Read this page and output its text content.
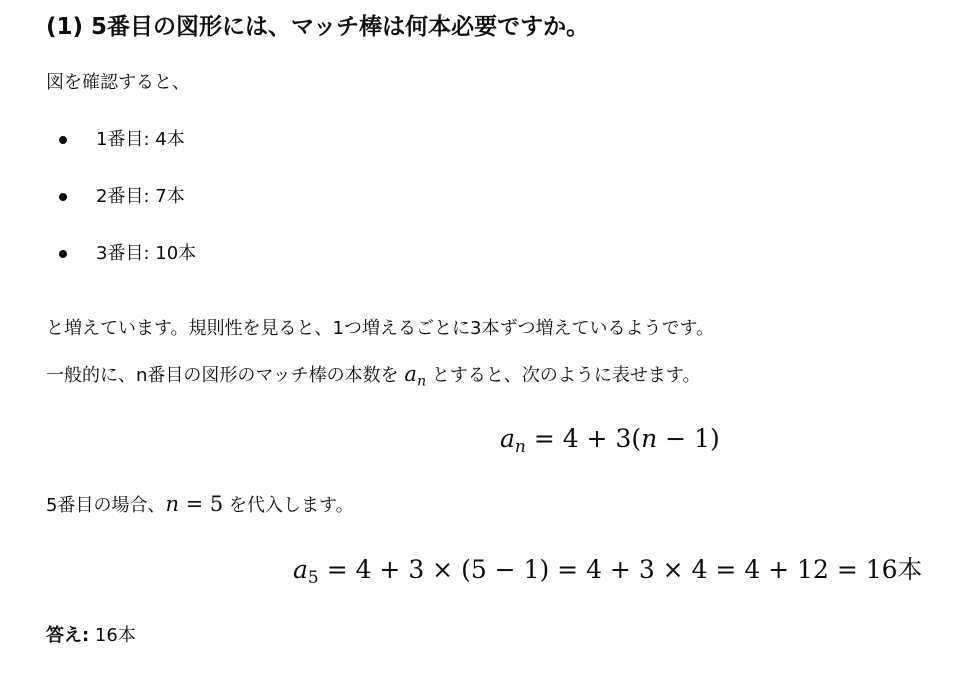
(1) 5番目の図形には、マッチ棒は何本必要ですか。
図を確認すると、
1番目: 4本
2番目: 7本
3番目: 10本
と増えています。規則性を見ると、1つ増えるごとに3本ずつ増えているようです。
一般的に、n番目の図形のマッチ棒の本数を $a_n$ とすると、次のように表せます。
$a_n = 4 + 3(n - 1)$
5番目の場合、n = 5 を代入します。
$a_5 = 4 + 3 \times (5 - 1) = 4 + 3 \times 4 = 4 + 12 = 16$本
答え: 16本
